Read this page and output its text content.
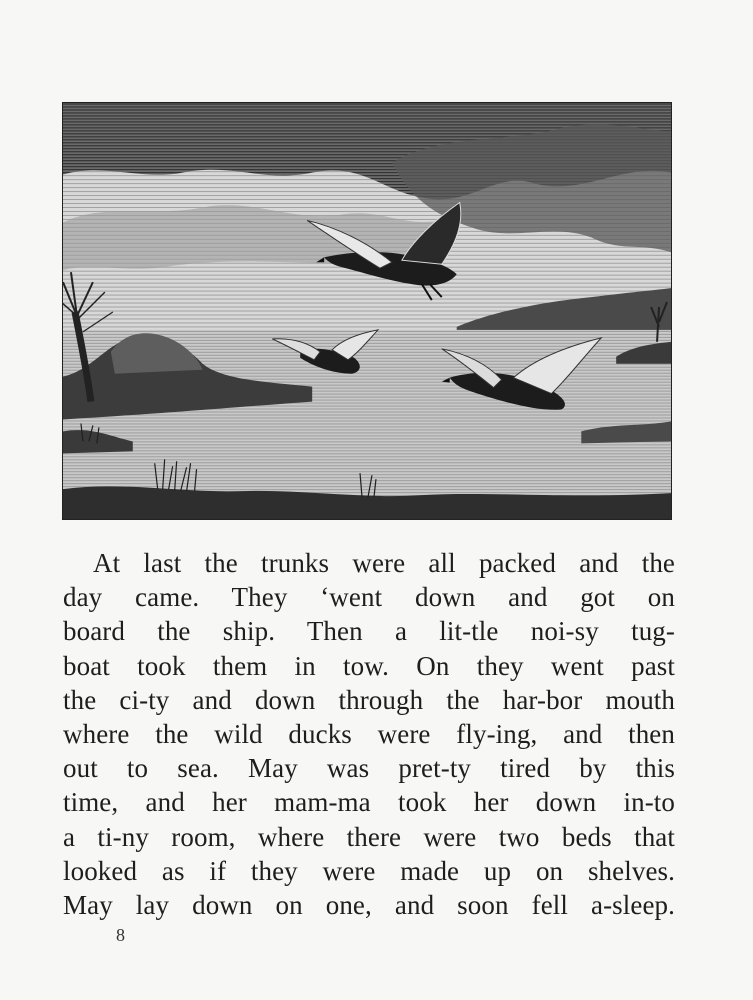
At last the trunks were all packed and the
day came. They ʻwent down and got on
board the ship. Then a lit-tle noi-sy tug-
boat took them in tow. On they went past
the ci-ty and down through the har-bor mouth
where the wild ducks were fly-ing, and then
out to sea. May was pret-ty tired by this
time, and her mam-ma took her down in-to
a ti-ny room, where there were two beds that
looked as if they were made up on shelves.
May lay down on one, and soon fell a-sleep.

8
